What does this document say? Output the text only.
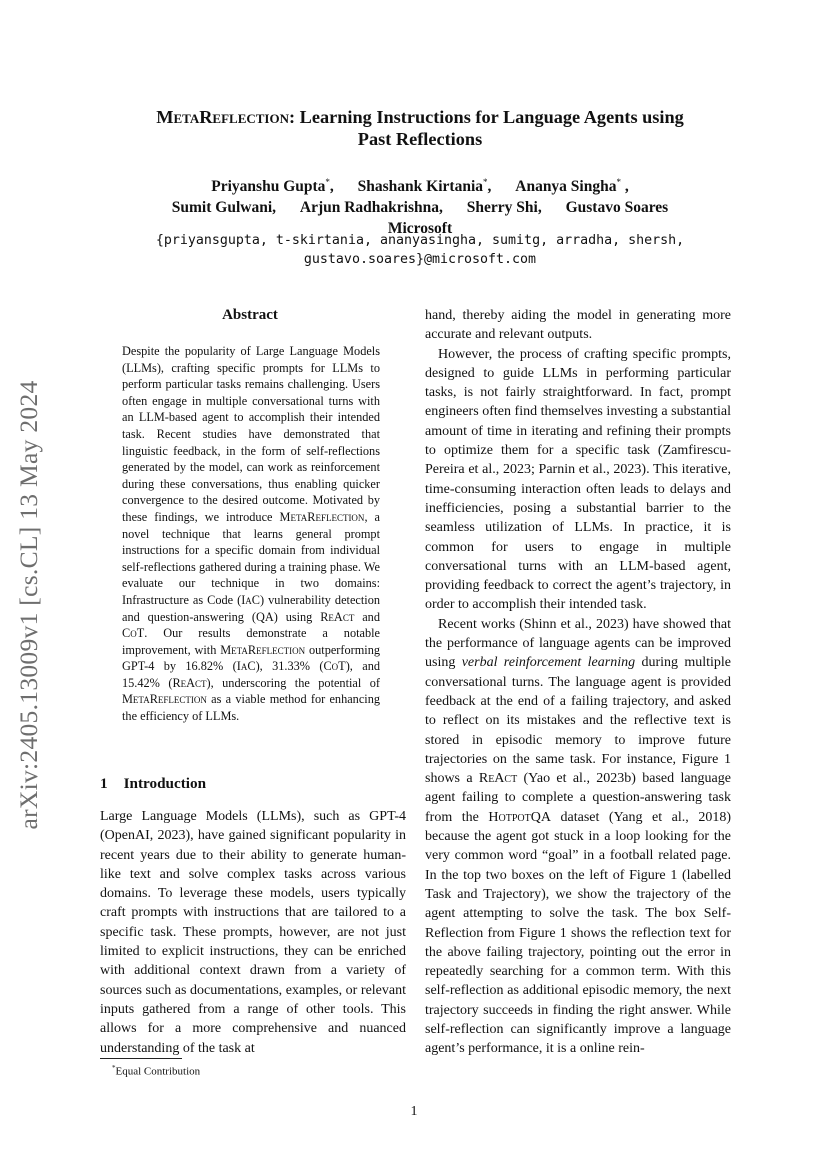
arXiv:2405.13009v1 [cs.CL] 13 May 2024
MetaReflection: Learning Instructions for Language Agents using
Past Reflections
Priyanshu Gupta*, Shashank Kirtania*, Ananya Singha* ,
Sumit Gulwani, Arjun Radhakrishna, Sherry Shi, Gustavo Soares
Microsoft
{priyansgupta, t-skirtania, ananyasingha, sumitg, arradha, shersh,
gustavo.soares}@microsoft.com
Abstract
Despite the popularity of Large Language Models (LLMs), crafting specific prompts for LLMs to perform particular tasks remains challenging. Users often engage in multiple conversational turns with an LLM-based agent to accomplish their intended task. Recent studies have demonstrated that linguistic feedback, in the form of self-reflections generated by the model, can work as reinforcement during these conversations, thus enabling quicker convergence to the desired outcome. Motivated by these findings, we introduce MetaReflection, a novel technique that learns general prompt instructions for a specific domain from individual self-reflections gathered during a training phase. We evaluate our technique in two domains: Infrastructure as Code (IaC) vulnerability detection and question-answering (QA) using ReAct and CoT. Our results demonstrate a notable improvement, with MetaReflection outperforming GPT-4 by 16.82% (IaC), 31.33% (CoT), and 15.42% (ReAct), underscoring the potential of MetaReflection as a viable method for enhancing the efficiency of LLMs.
1 Introduction

Large Language Models (LLMs), such as GPT-4 (OpenAI, 2023), have gained significant popularity in recent years due to their ability to generate human-like text and solve complex tasks across various domains. To leverage these models, users typically craft prompts with instructions that are tailored to a specific task. These prompts, however, are not just limited to explicit instructions, they can be enriched with additional context drawn from a variety of sources such as documentations, examples, or relevant inputs gathered from a range of other tools. This allows for a more comprehensive and nuanced understanding of the task at

hand, thereby aiding the model in generating more accurate and relevant outputs.

However, the process of crafting specific prompts, designed to guide LLMs in performing particular tasks, is not fairly straightforward. In fact, prompt engineers often find themselves investing a substantial amount of time in iterating and refining their prompts to optimize them for a specific task (Zamfirescu-Pereira et al., 2023; Parnin et al., 2023). This iterative, time-consuming interaction often leads to delays and inefficiencies, posing a substantial barrier to the seamless utilization of LLMs. In practice, it is common for users to engage in multiple conversational turns with an LLM-based agent, providing feedback to correct the agent’s trajectory, in order to accomplish their intended task.

Recent works (Shinn et al., 2023) have showed that the performance of language agents can be improved using verbal reinforcement learning during multiple conversational turns. The language agent is provided feedback at the end of a failing trajectory, and asked to reflect on its mistakes and the reflective text is stored in episodic memory to improve future trajectories on the same task. For instance, Figure 1 shows a ReAct (Yao et al., 2023b) based language agent failing to complete a question-answering task from the HotpotQA dataset (Yang et al., 2018) because the agent got stuck in a loop looking for the very common word “goal” in a football related page. In the top two boxes on the left of Figure 1 (labelled Task and Trajectory), we show the trajectory of the agent attempting to solve the task. The box Self-Reflection from Figure 1 shows the reflection text for the above failing trajectory, pointing out the error in repeatedly searching for a common term. With this self-reflection as additional episodic memory, the next trajectory succeeds in finding the right answer. While self-reflection can significantly improve a language agent’s performance, it is a online rein-

*Equal Contribution
1
